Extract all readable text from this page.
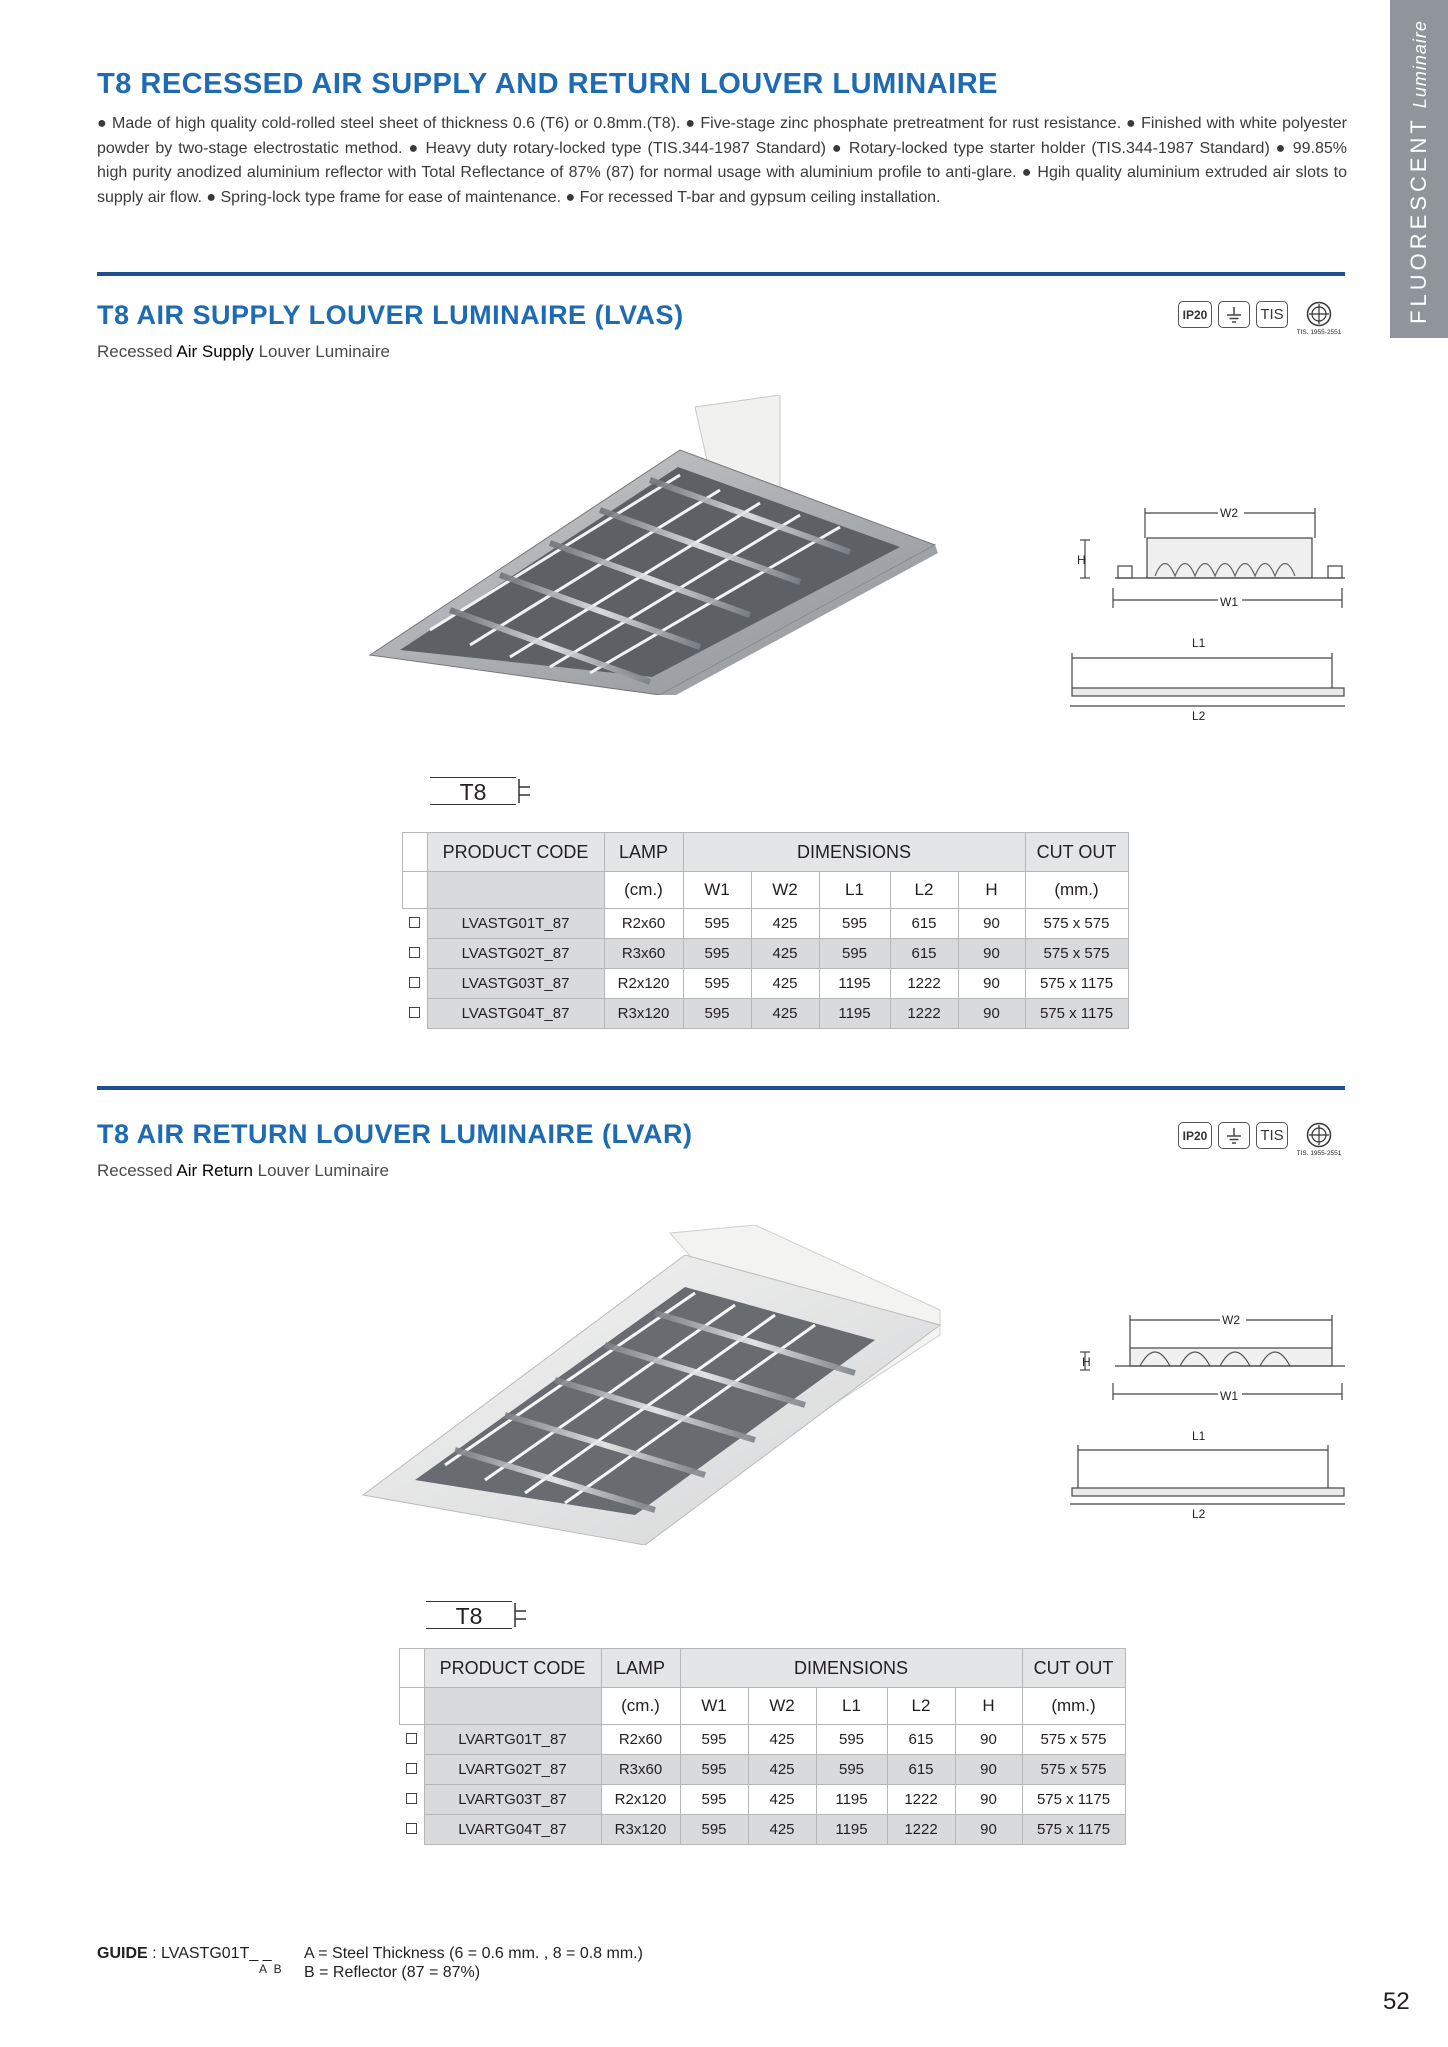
FLUORESCENTLuminaire
T8 RECESSED AIR SUPPLY AND RETURN LOUVER LUMINAIRE
● Made of high quality cold-rolled steel sheet of thickness 0.6 (T6) or 0.8mm.(T8). ● Five-stage zinc phosphate pretreatment for rust resistance. ● Finished with white polyester powder by two-stage electrostatic method. ● Heavy duty rotary-locked type (TIS.344-1987 Standard) ● Rotary-locked type starter holder (TIS.344-1987 Standard) ● 99.85% high purity anodized aluminium reflector with Total Reflectance of 87% (87) for normal usage with aluminium profile to anti-glare. ● Hgih quality aluminium extruded air slots to supply air flow. ● Spring-lock type frame for ease of maintenance. ● For recessed T-bar and gypsum ceiling installation.
T8 AIR SUPPLY LOUVER LUMINAIRE (LVAS)
Recessed Air Supply Louver Luminaire
IP20	TIS
TIS. 1955-2551
W2
H
W1
L1
L2
T8
	PRODUCT CODE	LAMP	DIMENSIONS					CUT OUT
		(cm.)	W1	W2	L1	L2	H	(mm.)
	LVASTG01T_87	R2x60	595	425	595	615	90	575 x 575
	LVASTG02T_87	R3x60	595	425	595	615	90	575 x 575
	LVASTG03T_87	R2x120	595	425	1195	1222	90	575 x 1175
	LVASTG04T_87	R3x120	595	425	1195	1222	90	575 x 1175
T8 AIR RETURN LOUVER LUMINAIRE (LVAR)
Recessed Air Return Louver Luminaire
IP20	TIS
TIS. 1955-2551
W2
H
W1
L1
L2
T8
	PRODUCT CODE	LAMP	DIMENSIONS					CUT OUT
		(cm.)	W1	W2	L1	L2	H	(mm.)
	LVARTG01T_87	R2x60	595	425	595	615	90	575 x 575
	LVARTG02T_87	R3x60	595	425	595	615	90	575 x 575
	LVARTG03T_87	R2x120	595	425	1195	1222	90	575 x 1175
	LVARTG04T_87	R3x120	595	425	1195	1222	90	575 x 1175
GUIDE : LVASTG01T_ _
A B
A = Steel Thickness (6 = 0.6 mm. , 8 = 0.8 mm.)
B = Reflector (87 = 87%)
52
